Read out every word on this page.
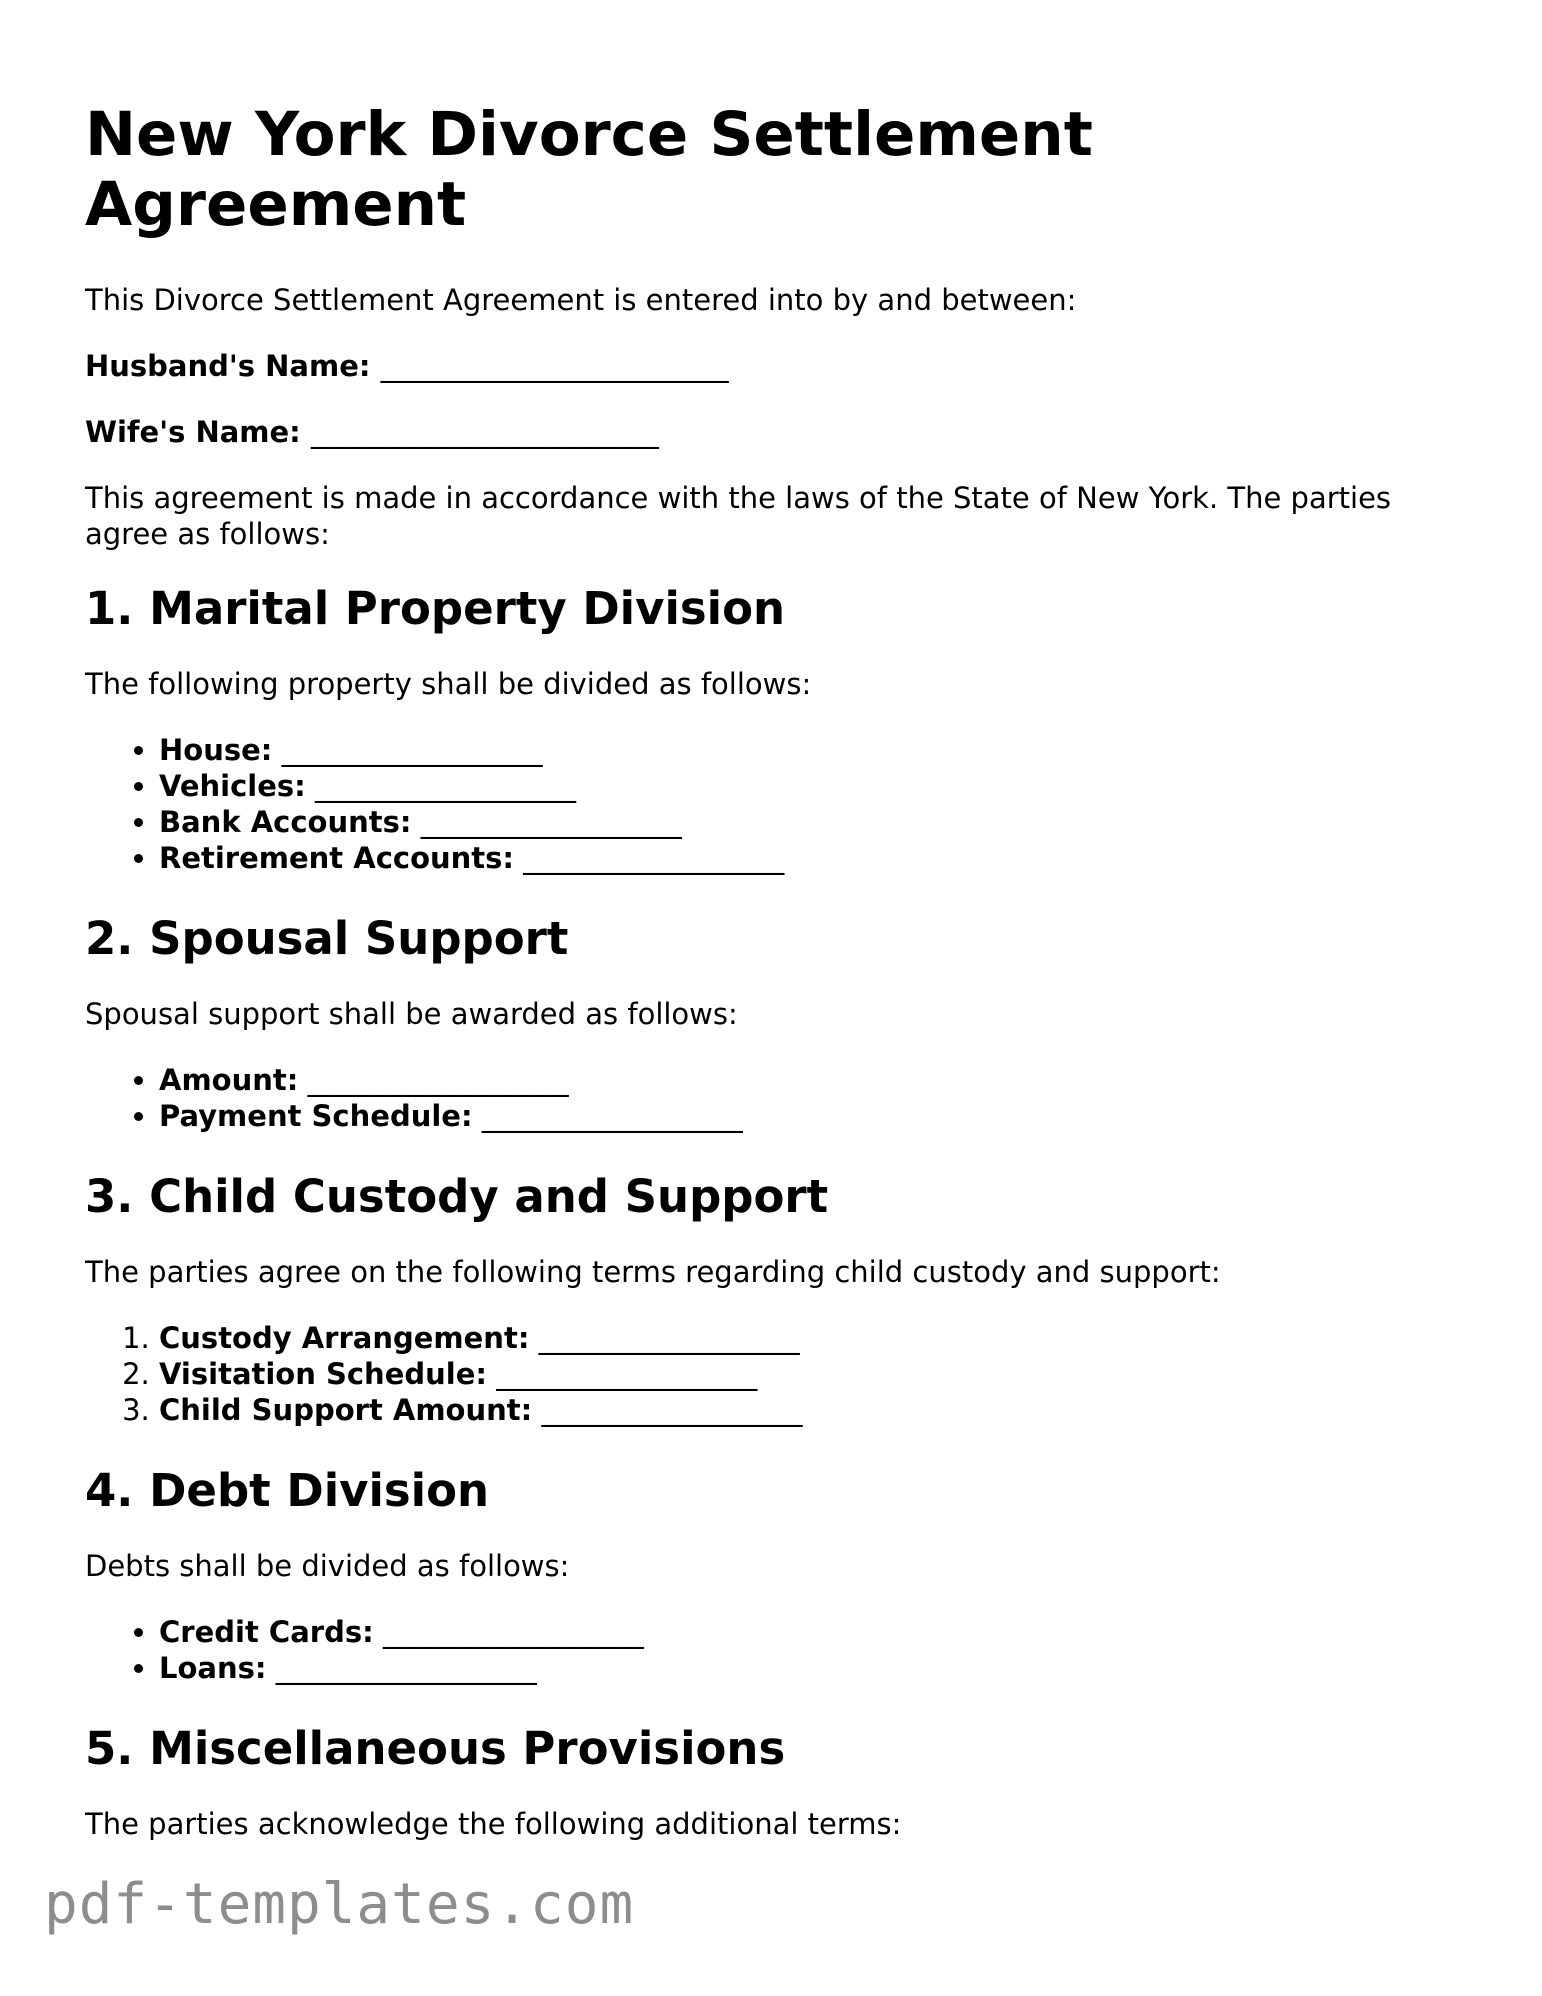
New York Divorce Settlement Agreement

This Divorce Settlement Agreement is entered into by and between:

Husband's Name: ________________________

Wife's Name: ________________________

This agreement is made in accordance with the laws of the State of New York. The parties agree as follows:

1. Marital Property Division

The following property shall be divided as follows:

• House: __________________
• Vehicles: __________________
• Bank Accounts: __________________
• Retirement Accounts: __________________
2. Spousal Support

Spousal support shall be awarded as follows:

• Amount: __________________
• Payment Schedule: __________________
3. Child Custody and Support

The parties agree on the following terms regarding child custody and support:

1. Custody Arrangement: __________________
2. Visitation Schedule: __________________
3. Child Support Amount: __________________
4. Debt Division

Debts shall be divided as follows:

• Credit Cards: __________________
• Loans: __________________
5. Miscellaneous Provisions

The parties acknowledge the following additional terms:

pdf-templates.com
